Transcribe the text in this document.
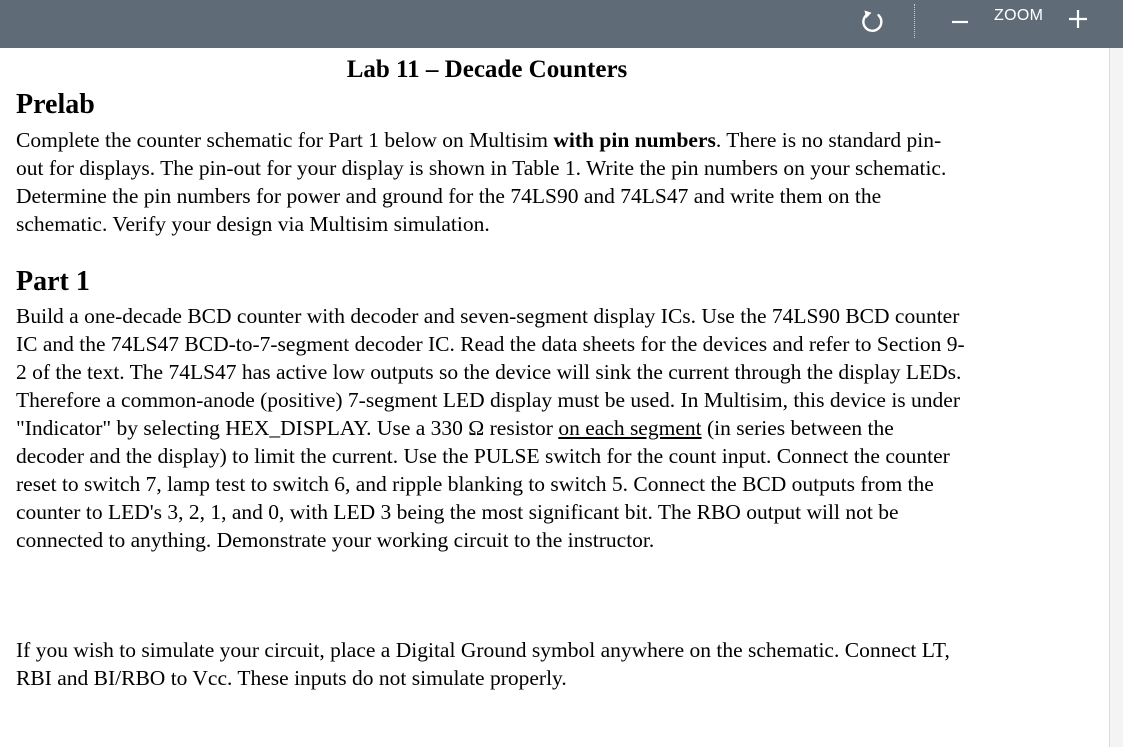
ZOOM
Lab 11 – Decade Counters
Prelab

Complete the counter schematic for Part 1 below on Multisim with pin numbers. There is no standard pin-out for displays. The pin-out for your display is shown in Table 1. Write the pin numbers on your schematic. Determine the pin numbers for power and ground for the 74LS90 and 74LS47 and write them on the schematic. Verify your design via Multisim simulation.

Part 1

Build a one-decade BCD counter with decoder and seven-segment display ICs. Use the 74LS90 BCD counter IC and the 74LS47 BCD-to-7-segment decoder IC. Read the data sheets for the devices and refer to Section 9-2 of the text. The 74LS47 has active low outputs so the device will sink the current through the display LEDs. Therefore a common-anode (positive) 7-segment LED display must be used. In Multisim, this device is under "Indicator" by selecting HEX_DISPLAY. Use a 330 Ω resistor on each segment (in series between the decoder and the display) to limit the current. Use the PULSE switch for the count input. Connect the counter reset to switch 7, lamp test to switch 6, and ripple blanking to switch 5. Connect the BCD outputs from the counter to LED's 3, 2, 1, and 0, with LED 3 being the most significant bit. The RBO output will not be connected to anything. Demonstrate your working circuit to the instructor.

If you wish to simulate your circuit, place a Digital Ground symbol anywhere on the schematic. Connect LT, RBI and BI/RBO to Vcc. These inputs do not simulate properly.
